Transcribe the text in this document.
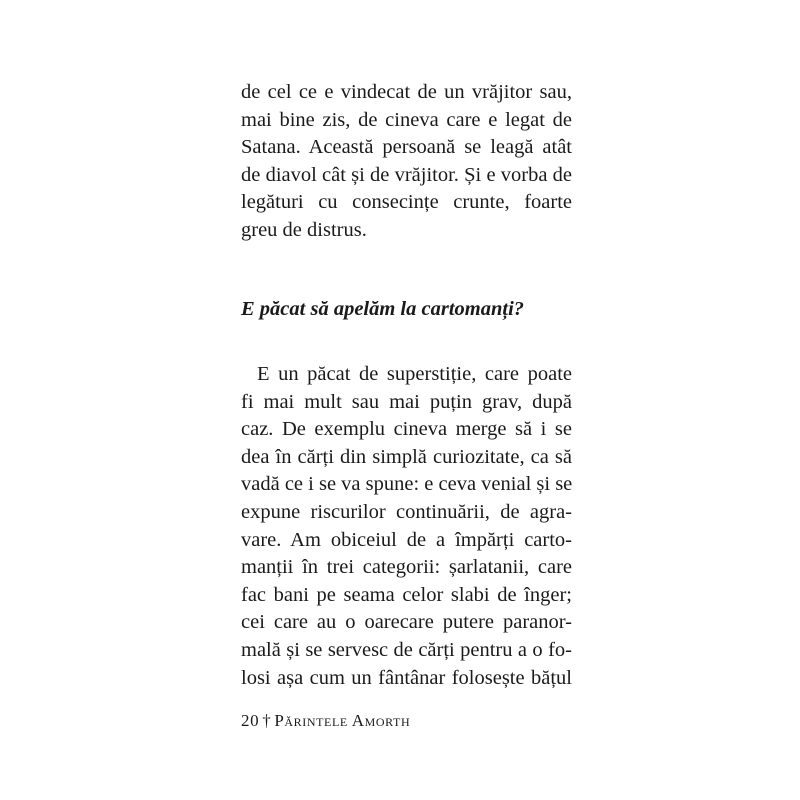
de cel ce e vindecat de un vrăjitor sau,
mai bine zis, de cineva care e legat de
Satana. Această persoană se leagă atât
de diavol cât și de vrăjitor. Și e vorba de
legături cu consecințe crunte, foarte
greu de distrus.
E păcat să apelăm la cartomanți?
E un păcat de superstiție, care poate
fi mai mult sau mai puțin grav, după
caz. De exemplu cineva merge să i se
dea în cărți din simplă curiozitate, ca să
vadă ce i se va spune: e ceva venial și se
expune riscurilor continuării, de agra-
vare. Am obiceiul de a împărți carto-
manții în trei categorii: șarlatanii, care
fac bani pe seama celor slabi de înger;
cei care au o oarecare putere paranor-
mală și se servesc de cărți pentru a o fo-
losi așa cum un fântânar folosește bățul
20 † Părintele Amorth
